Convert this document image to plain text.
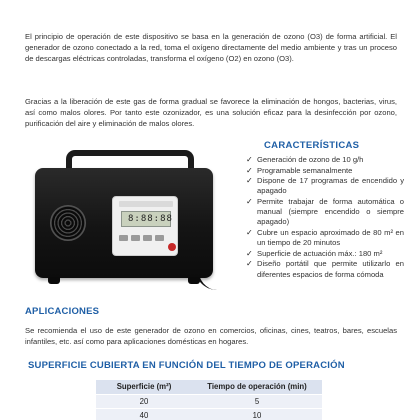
El principio de operación de este dispositivo se basa en la generación de ozono (O3) de forma artificial. El generador de ozono conectado a la red, toma el oxígeno directamente del medio ambiente y tras un proceso de descargas eléctricas controladas, transforma el oxígeno (O2) en ozono (O3).

Gracias a la liberación de este gas de forma gradual se favorece la eliminación de hongos, bacterias, virus, así como malos olores. Por tanto este ozonizador, es una solución eficaz para la desinfección por ozono, purificación del aire y eliminación de malos olores.

8:88:88
CARACTERÍSTICAS
✓ Generación de ozono de 10 g/h
✓ Programable semanalmente
✓ Dispone de 17 programas de encendido y apagado
✓ Permite trabajar de forma automática o manual (siempre encendido o siempre apagado)
✓ Cubre un espacio aproximado de 80 m² en un tiempo de 20 minutos
✓ Superficie de actuación máx.: 180 m²
✓ Diseño portátil que permite utilizarlo en diferentes espacios de forma cómoda
APLICACIONES

Se recomienda el uso de este generador de ozono en comercios, oficinas, cines, teatros, bares, escuelas infantiles, etc. así como para aplicaciones domésticas en hogares.

SUPERFICIE CUBIERTA EN FUNCIÓN DEL TIEMPO DE OPERACIÓN
Superficie (m²)	Tiempo de operación (min)
20	5
40	10
